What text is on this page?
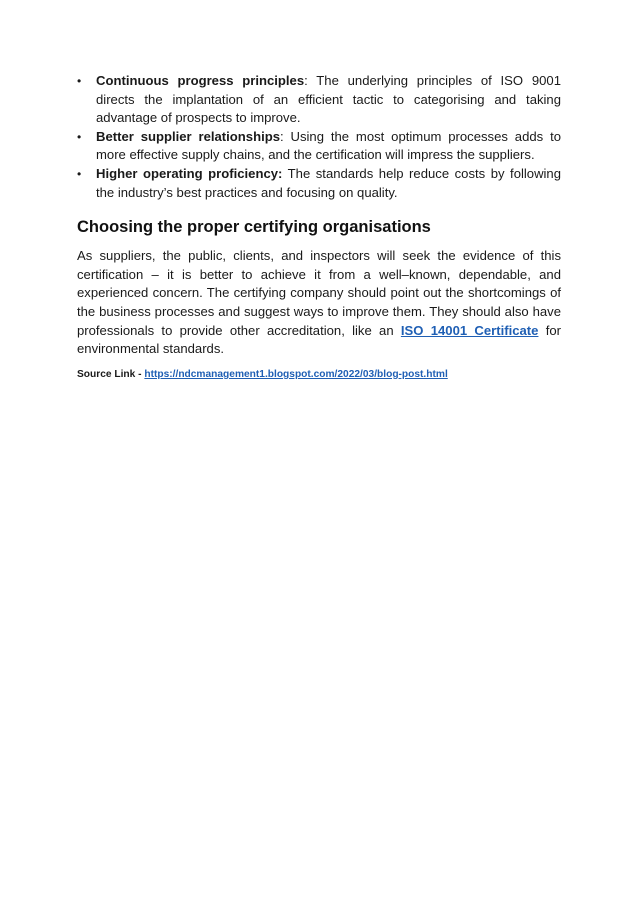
•	Continuous progress principles: The underlying principles of ISO 9001 directs the implantation of an efficient tactic to categorising and taking advantage of prospects to improve.
•	Better supplier relationships: Using the most optimum processes adds to more effective supply chains, and the certification will impress the suppliers.
•	Higher operating proficiency: The standards help reduce costs by following the industry’s best practices and focusing on quality.
Choosing the proper certifying organisations

As suppliers, the public, clients, and inspectors will seek the evidence of this certification – it is better to achieve it from a well–known, dependable, and experienced concern. The certifying company should point out the shortcomings of the business processes and suggest ways to improve them. They should also have professionals to provide other accreditation, like an ISO 14001 Certificate for environmental standards.

Source Link - https://ndcmanagement1.blogspot.com/2022/03/blog-post.html
